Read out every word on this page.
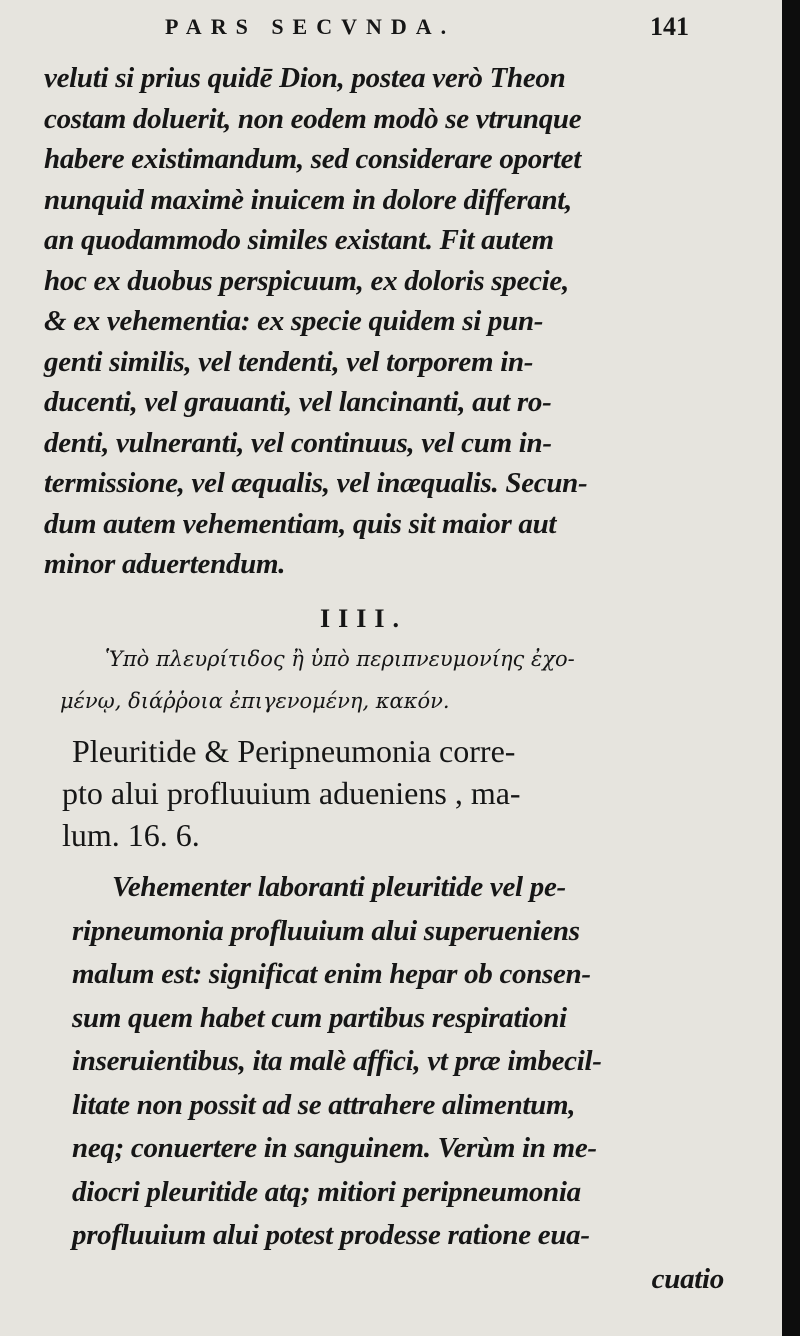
PARS SECVNDA.	141
veluti si prius quidē Dion, postea verò Theon
costam doluerit, non eodem modò se vtrunque
habere existimandum, sed considerare oportet
nunquid maximè inuicem in dolore differant,
an quodammodo similes existant. Fit autem
hoc ex duobus perspicuum, ex doloris specie,
& ex vehementia: ex specie quidem si pun-
genti similis, vel tendenti, vel torporem in-
ducenti, vel grauanti, vel lancinanti, aut ro-
denti, vulneranti, vel continuus, vel cum in-
termissione, vel æqualis, vel inæqualis. Secun-
dum autem vehementiam, quis sit maior aut
minor aduertendum.
IIII.
Ὑπὸ πλευρίτιδος ἢ ὑπὸ περιπνευμονίης ἐχο-
μένῳ, διάῤῥοια ἐπιγενομένη, κακόν.
Pleuritide & Peripneumonia corre-
pto alui profluuium adueniens , ma-
lum. 16. 6.
Vehementer laboranti pleuritide vel pe-
ripneumonia profluuium alui superueniens
malum est: significat enim hepar ob consen-
sum quem habet cum partibus respirationi
inseruientibus, ita malè affici, vt præ imbecil-
litate non possit ad se attrahere alimentum,
neq; conuertere in sanguinem. Verùm in me-
diocri pleuritide atq; mitiori peripneumonia
profluuium alui potest prodesse ratione eua-
cuatio
